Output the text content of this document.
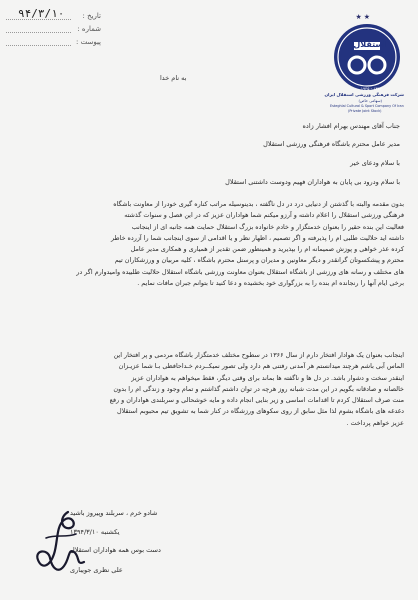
تاریخ :
۹۴/۳/۱۰
شماره :
پیوست :
★★
استقلال
ESTEGHLAL
۱۳۲۴ - ۱۹۴۵
شرکت فرهنگی ورزشی استقلال ایران
(سهامی خاص)
Esteghlal Cultural & Sport Company Of Iran
(Private Joint Stock)
به نام خدا
جناب آقای مهندس بهرام افشار زاده
مدیر عامل محترم باشگاه فرهنگی ورزشی استقلال
با سلام ودعای خیر
با سلام ودرود بی پایان به هواداران فهیم ودوست داشتنی استقلال
بدون مقدمه والبته با گذشتن از دنیایی درد در دل ناگفته ، بدینوسیله مراتب کناره گیری خودرا از معاونت باشگاه
فرهنگی ورزشی استقلال را اعلام داشته و آرزو میکنم شما هواداران عزیز که در این فصل و سنوات گذشته
فعالیت این بنده حقیر را بعنوان خدمتگزار و خادم خانواده بزرگ استقلال حمایت همه جانبه ای از اینجانب
داشته اید حلالیت طلبی ام را پذیرفته و اگر تصمیم ، اظهار نظر و یا اقدامی از سوی اینجانب شما را آزرده خاطر
کرده عذر خواهی و پوزش صمیمانه ام را بپذیرید و همینطور ضمن تقدیر از همیاری و همکاری مدیر عامل
محترم و پیشکسوتان گرانقدر و دیگر معاونین و مدیران و پرسنل محترم باشگاه ، کلیه مربیان و ورزشکاران تیم
های مختلف و رسانه های ورزشی از باشگاه استقلال بعنوان معاونت ورزشی باشگاه استقلال حلالیت طلبیده وامیدوارم اگر در
برخی ایام آنها را رنجانده ام بنده را به بزرگواری خود بخشیده و دعا کنید تا بتوانم جبران مافات نمایم .
اینجانب بعنوان یک هوادار افتخار دارم از سال ۱۳۶۶ در سطوح مختلف خدمتگزار باشگاه مردمی و پر افتخار این
الماس آبی باشم هرچند میدانستم هر آمدنی رفتنی هم دارد ولی تصور نمیکــردم خـداحافظی بـا شما عزیـزان
اینقدر سخت و دشوار باشد. در دل ها و ناگفته ها بماند برای وقتی دیگر، فقط میخواهم به هواداران عزیز
خالصانه و صادقانه بگویم در این مدت شبانه روز هرچه در توان داشتم گذاشتم و تمام وجود و زندگی ام را بدون
منت صرف استقلال کردم تا اقدامات اساسی و زیر بنایی انجام داده و مایه خوشحالی و سربلندی هواداران و رفع
دغدغه های باشگاه بشوم لذا مثل سابق از روی سکوهای ورزشگاه در کنار شما به تشویق تیم محبوبم استقلال
عزیز خواهم پرداخت .
شادو خرم ، سربلند وپیروز باشید
یکشنبه ۱۳۹۴/۳/۱۰
دست بوس همه هواداران استقلال
علی نظری جویباری
